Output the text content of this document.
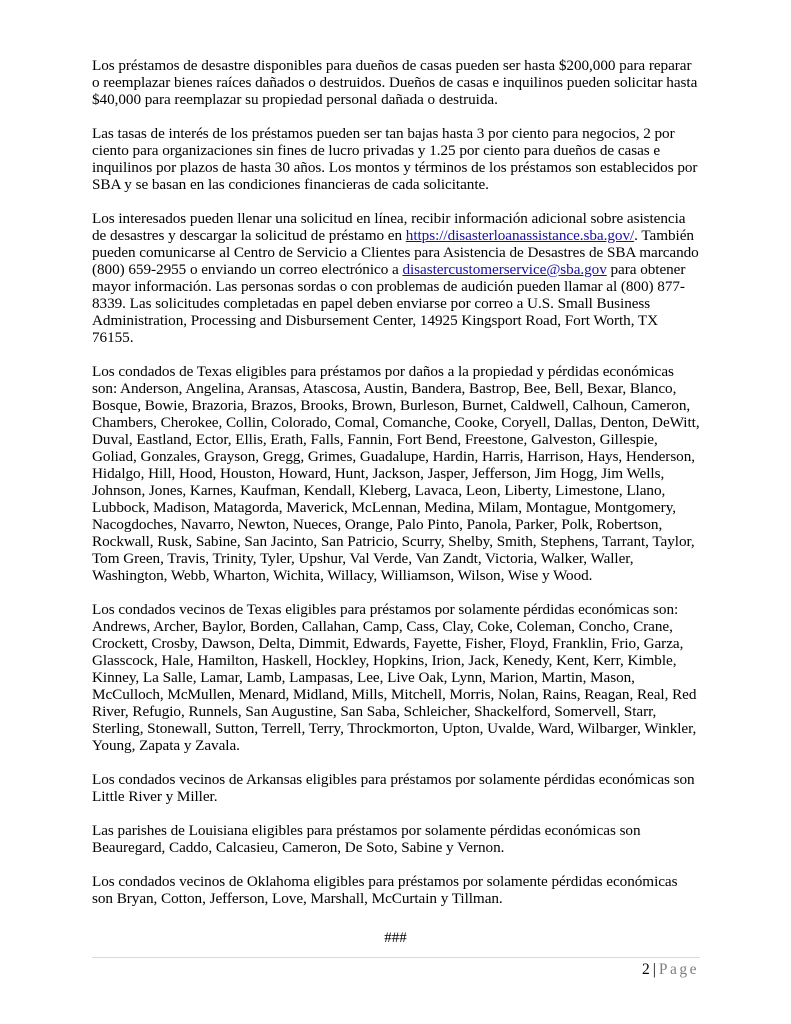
Los préstamos de desastre disponibles para dueños de casas pueden ser hasta $200,000 para reparar o reemplazar bienes raíces dañados o destruidos. Dueños de casas e inquilinos pueden solicitar hasta $40,000 para reemplazar su propiedad personal dañada o destruida.

Las tasas de interés de los préstamos pueden ser tan bajas hasta 3 por ciento para negocios, 2 por ciento para organizaciones sin fines de lucro privadas y 1.25 por ciento para dueños de casas e inquilinos por plazos de hasta 30 años. Los montos y términos de los préstamos son establecidos por SBA y se basan en las condiciones financieras de cada solicitante.

Los interesados pueden llenar una solicitud en línea, recibir información adicional sobre asistencia de desastres y descargar la solicitud de préstamo en https://disasterloanassistance.sba.gov/. También pueden comunicarse al Centro de Servicio a Clientes para Asistencia de Desastres de SBA marcando (800) 659-2955 o enviando un correo electrónico a disastercustomerservice@sba.gov para obtener mayor información. Las personas sordas o con problemas de audición pueden llamar al (800) 877-8339. Las solicitudes completadas en papel deben enviarse por correo a U.S. Small Business Administration, Processing and Disbursement Center, 14925 Kingsport Road, Fort Worth, TX 76155.

Los condados de Texas eligibles para préstamos por daños a la propiedad y pérdidas económicas son: Anderson, Angelina, Aransas, Atascosa, Austin, Bandera, Bastrop, Bee, Bell, Bexar, Blanco, Bosque, Bowie, Brazoria, Brazos, Brooks, Brown, Burleson, Burnet, Caldwell, Calhoun, Cameron, Chambers, Cherokee, Collin, Colorado, Comal, Comanche, Cooke, Coryell, Dallas, Denton, DeWitt, Duval, Eastland, Ector, Ellis, Erath, Falls, Fannin, Fort Bend, Freestone, Galveston, Gillespie, Goliad, Gonzales, Grayson, Gregg, Grimes, Guadalupe, Hardin, Harris, Harrison, Hays, Henderson, Hidalgo, Hill, Hood, Houston, Howard, Hunt, Jackson, Jasper, Jefferson, Jim Hogg, Jim Wells, Johnson, Jones, Karnes, Kaufman, Kendall, Kleberg, Lavaca, Leon, Liberty, Limestone, Llano, Lubbock, Madison, Matagorda, Maverick, McLennan, Medina, Milam, Montague, Montgomery, Nacogdoches, Navarro, Newton, Nueces, Orange, Palo Pinto, Panola, Parker, Polk, Robertson, Rockwall, Rusk, Sabine, San Jacinto, San Patricio, Scurry, Shelby, Smith, Stephens, Tarrant, Taylor, Tom Green, Travis, Trinity, Tyler, Upshur, Val Verde, Van Zandt, Victoria, Walker, Waller, Washington, Webb, Wharton, Wichita, Willacy, Williamson, Wilson, Wise y Wood.

Los condados vecinos de Texas eligibles para préstamos por solamente pérdidas económicas son: Andrews, Archer, Baylor, Borden, Callahan, Camp, Cass, Clay, Coke, Coleman, Concho, Crane, Crockett, Crosby, Dawson, Delta, Dimmit, Edwards, Fayette, Fisher, Floyd, Franklin, Frio, Garza, Glasscock, Hale, Hamilton, Haskell, Hockley, Hopkins, Irion, Jack, Kenedy, Kent, Kerr, Kimble, Kinney, La Salle, Lamar, Lamb, Lampasas, Lee, Live Oak, Lynn, Marion, Martin, Mason, McCulloch, McMullen, Menard, Midland, Mills, Mitchell, Morris, Nolan, Rains, Reagan, Real, Red River, Refugio, Runnels, San Augustine, San Saba, Schleicher, Shackelford, Somervell, Starr, Sterling, Stonewall, Sutton, Terrell, Terry, Throckmorton, Upton, Uvalde, Ward, Wilbarger, Winkler, Young, Zapata y Zavala.

Los condados vecinos de Arkansas eligibles para préstamos por solamente pérdidas económicas son Little River y Miller.

Las parishes de Louisiana eligibles para préstamos por solamente pérdidas económicas son Beauregard, Caddo, Calcasieu, Cameron, De Soto, Sabine y Vernon.

Los condados vecinos de Oklahoma eligibles para préstamos por solamente pérdidas económicas son Bryan, Cotton, Jefferson, Love, Marshall, McCurtain y Tillman.

###
2 | Page
